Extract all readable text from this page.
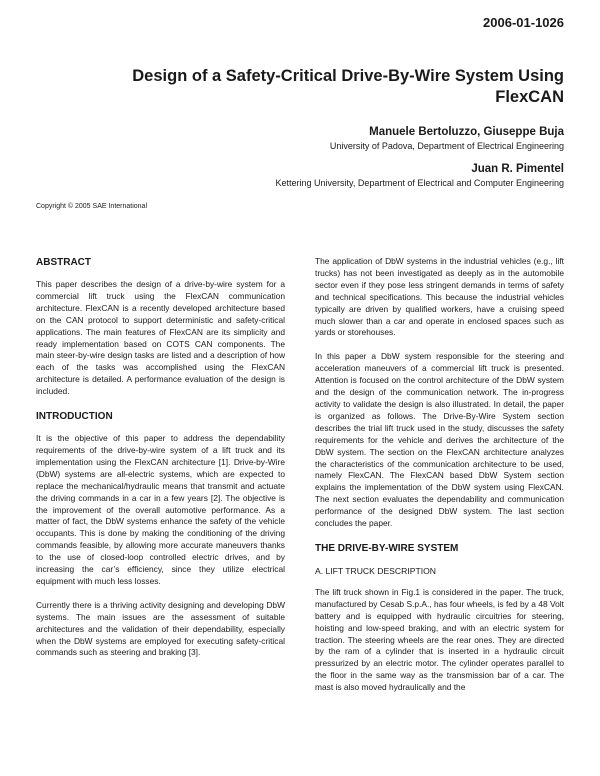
2006-01-1026
Design of a Safety-Critical Drive-By-Wire System Using FlexCAN
Manuele Bertoluzzo, Giuseppe Buja
University of Padova, Department of Electrical Engineering
Juan R. Pimentel
Kettering University, Department of Electrical and Computer Engineering
Copyright © 2005 SAE International
ABSTRACT

This paper describes the design of a drive-by-wire system for a commercial lift truck using the FlexCAN communication architecture. FlexCAN is a recently developed architecture based on the CAN protocol to support deterministic and safety-critical applications. The main features of FlexCAN are its simplicity and ready implementation based on COTS CAN components. The main steer-by-wire design tasks are listed and a description of how each of the tasks was accomplished using the FlexCAN architecture is detailed. A performance evaluation of the design is included.

INTRODUCTION

It is the objective of this paper to address the dependability requirements of the drive-by-wire system of a lift truck and its implementation using the FlexCAN architecture [1]. Drive-by-Wire (DbW) systems are all-electric systems, which are expected to replace the mechanical/hydraulic means that transmit and actuate the driving commands in a car in a few years [2]. The objective is the improvement of the overall automotive performance. As a matter of fact, the DbW systems enhance the safety of the vehicle occupants. This is done by making the conditioning of the driving commands feasible, by allowing more accurate maneuvers thanks to the use of closed-loop controlled electric drives, and by increasing the car’s efficiency, since they utilize electrical equipment with much less losses.

Currently there is a thriving activity designing and developing DbW systems. The main issues are the assessment of suitable architectures and the validation of their dependability, especially when the DbW systems are employed for executing safety-critical commands such as steering and braking [3].

The application of DbW systems in the industrial vehicles (e.g., lift trucks) has not been investigated as deeply as in the automobile sector even if they pose less stringent demands in terms of safety and technical specifications. This because the industrial vehicles typically are driven by qualified workers, have a cruising speed much slower than a car and operate in enclosed spaces such as yards or storehouses.

In this paper a DbW system responsible for the steering and acceleration maneuvers of a commercial lift truck is presented. Attention is focused on the control architecture of the DbW system and the design of the communication network. The in-progress activity to validate the design is also illustrated. In detail, the paper is organized as follows. The Drive-By-Wire System section describes the trial lift truck used in the study, discusses the safety requirements for the vehicle and derives the architecture of the DbW system. The section on the FlexCAN architecture analyzes the characteristics of the communication architecture to be used, namely FlexCAN. The FlexCAN based DbW System section explains the implementation of the DbW system using FlexCAN. The next section evaluates the dependability and communication performance of the designed DbW system. The last section concludes the paper.

THE DRIVE-BY-WIRE SYSTEM
A. LIFT TRUCK DESCRIPTION

The lift truck shown in Fig.1 is considered in the paper. The truck, manufactured by Cesab S.p.A., has four wheels, is fed by a 48 Volt battery and is equipped with hydraulic circuitries for steering, hoisting and low-speed braking, and with an electric system for traction. The steering wheels are the rear ones. They are directed by the ram of a cylinder that is inserted in a hydraulic circuit pressurized by an electric motor. The cylinder operates parallel to the floor in the same way as the transmission bar of a car. The mast is also moved hydraulically and the
